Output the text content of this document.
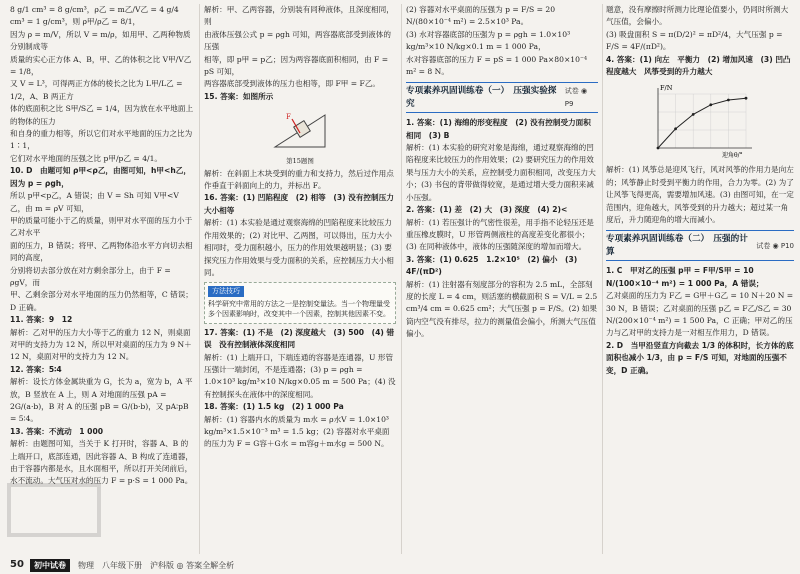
8 g/1 cm³ = 8 g/cm³，ρ乙 = m乙/V乙 = 4 g/4 cm³ = 1 g/cm³，则 ρ甲/ρ乙 = 8/1，

因为 ρ = m/V，所以 V = m/ρ，如用甲、乙两种物质分别制成等

质量的实心正方体 A、B，甲、乙的体积之比 V甲/V乙 = 1/8，

又 V = L³，可得两正方体的棱长之比为 L甲/L乙 = 1/2，A、B 两正方

体的底面积之比 S甲/S乙 = 1/4，因为放在水平地面上的物体的压力

和自身的重力相等，所以它们对水平地面的压力之比为1∶1，

它们对水平地面的压强之比 p甲/p乙 = 4/1。

10. D　由题可知 ρ甲<ρ乙，由图可知，h甲<h乙，因为 p = ρgh，

所以 p甲<p乙，A 错误；由 V = Sh 可知 V甲<V乙，由 m = ρV 可知，

甲的质量可能小于乙的质量，则甲对水平面的压力小于乙对水平

面的压力，B 错误；将甲、乙两物体沿水平方向切去相同的高度，

分别将切去部分放在对方剩余部分上，由于 F = ρgV，而

甲、乙剩余部分对水平地面的压力仍然相等，C 错误；D 正确。

11. 答案：9　12

解析：乙对甲的压力大小等于乙的重力 12 N，则桌面对甲的支持力为 12 N，所以甲对桌面的压力为 9 N＋12 N，桌面对甲的支持力为 12 N。

12. 答案：5∶4

解析：设长方体金属块重为 G，长为 a，宽为 b，A 平放，B 竖放在 A 上，则 A 对地面的压强 pA = 2G/(a·b)，B 对 A 的压强 pB = G/(b·b)，又 pA∶pB = 5∶4。

13. 答案：不流动　1 000

解析：由题图可知，当关于 K 打开时，容器 A、B 的上端开口，底部连通，因此容器 A、B 构成了连通器，由于容器内都是水，且水面相平，所以打开关闭前后，水不流动。大气压对水的压力 F = p·S = 1 000 Pa。

解析：甲、乙两容器，分别装有同种液体，且深度相同，则

由液体压强公式 p = ρgh 可知，两容器底部受到液体的压强

相等，即 p甲 = p乙；因为两容器底面积相同，由 F = pS 可知，

两容器底部受到液体的压力也相等，即 F甲 = F乙。

15. 答案：如图所示

F

第15题图

解析：在斜面上木块受到的重力和支持力，然后过作用点作垂直于斜面向上的力，并标出 F。

16. 答案：(1) 凹陷程度　(2) 相等　(3) 没有控制压力大小相等

解析：(1) 本实验是通过观察海绵的凹陷程度来比较压力作用效果的；(2) 对比甲、乙两图，可以得出，压力大小相同时，受力面积越小，压力的作用效果越明显；(3) 要探究压力作用效果与受力面积的关系，应控制压力大小相同。

方法技巧
科学研究中常用的方法之一是控制变量法。当一个物理量受多个因素影响时，改变其中一个因素，控制其他因素不变。

17. 答案：(1) 不是　(2) 深度越大　(3) 500　(4) 错误　没有控制液体深度相同

解析：(1) 上端开口，下端连通的容器是连通器，U 形管压强计一端封闭，不是连通器；(3) p = ρgh = 1.0×10³ kg/m³×10 N/kg×0.05 m = 500 Pa；(4) 没有控制探头在液体中的深度相同。

18. 答案：(1) 1.5 kg　(2) 1 000 Pa

解析：(1) 容器内水的质量为 m水 = ρ水V = 1.0×10³ kg/m³×1.5×10⁻³ m³ = 1.5 kg；(2) 容器对水平桌面的压力为 F = G容＋G水 = m容g＋m水g = 500 N。

(2) 容器对水平桌面的压强为 p = F/S = 20 N/(80×10⁻⁴ m²) = 2.5×10³ Pa。

(3) 水对容器底部的压强为 p = ρgh = 1.0×10³ kg/m³×10 N/kg×0.1 m = 1 000 Pa，

水对容器底部的压力 F = pS = 1 000 Pa×80×10⁻⁴ m² = 8 N。

专项素养巩固训练卷（一）　压强实验探究
试卷 ◉ P9

1. 答案：(1) 海绵的形变程度　(2) 没有控制受力面积相同　(3) B

解析：(1) 本实验的研究对象是海绵，通过观察海绵的凹陷程度来比较压力的作用效果；(2) 要研究压力的作用效果与压力大小的关系，应控制受力面积相同，改变压力大小；(3) 书包的背带做得较宽，是通过增大受力面积来减小压强。

2. 答案：(1) 差　(2) 大　(3) 深度　(4) 2)<

解析：(1) 若压强计的气密性很差，用手指不论轻压还是重压橡皮膜时，U 形管两侧液柱的高度差变化都很小；(3) 在同种液体中，液体的压强随深度的增加而增大。

3. 答案：(1) 0.625　1.2×10⁵　(2) 偏小　(3) 4F/(πD²)

解析：(1) 注射器有刻度部分的容积为 2.5 mL，全部刻度的长度 L = 4 cm，则活塞的横截面积 S = V/L = 2.5 cm³/4 cm = 0.625 cm²；大气压强 p = F/S。(2) 如果筒内空气没有排尽，拉力的测量值会偏小，所测大气压值偏小。

题意，没有摩擦时所测力比理论值要小，仍同时所测大气压值，会偏小。

(3) 吸盘面积 S = π(D/2)² = πD²/4，大气压强 p = F/S = 4F/(πD²)。

4. 答案：(1) 向左　平衡力　(2) 增加风速　(3) 凹凸程度越大　风筝受到的升力越大

F/N
迎角θ/°

解析：(1) 风筝总是迎风飞行，风对风筝的作用力是向左的；风筝静止时受到平衡力的作用，合力为零。(2) 为了让风筝飞得更高，需要增加风速。(3) 由图可知，在一定范围内，迎角越大，风筝受到的升力越大；超过某一角度后，升力随迎角的增大而减小。

专项素养巩固训练卷（二）　压强的计算
试卷 ◉ P10

1. C　甲对乙的压强 p甲 = F甲/S甲 = 10 N/(100×10⁻⁴ m²) = 1 000 Pa，A 错误；

乙对桌面的压力为 F乙 = G甲＋G乙 = 10 N＋20 N = 30 N，B 错误；乙对桌面的压强 p乙 = F乙/S乙 = 30 N/(200×10⁻⁴ m²) = 1 500 Pa，C 正确；甲对乙的压力与乙对甲的支持力是一对相互作用力，D 错误。

2. D　当甲沿竖直方向截去 1/3 的体积时，长方体的底面积也减小 1/3，由 p = F/S 可知，对地面的压强不变，D 正确。

50	初中试卷	物理　八年级下册　沪科版 ◎ 答案全解全析
